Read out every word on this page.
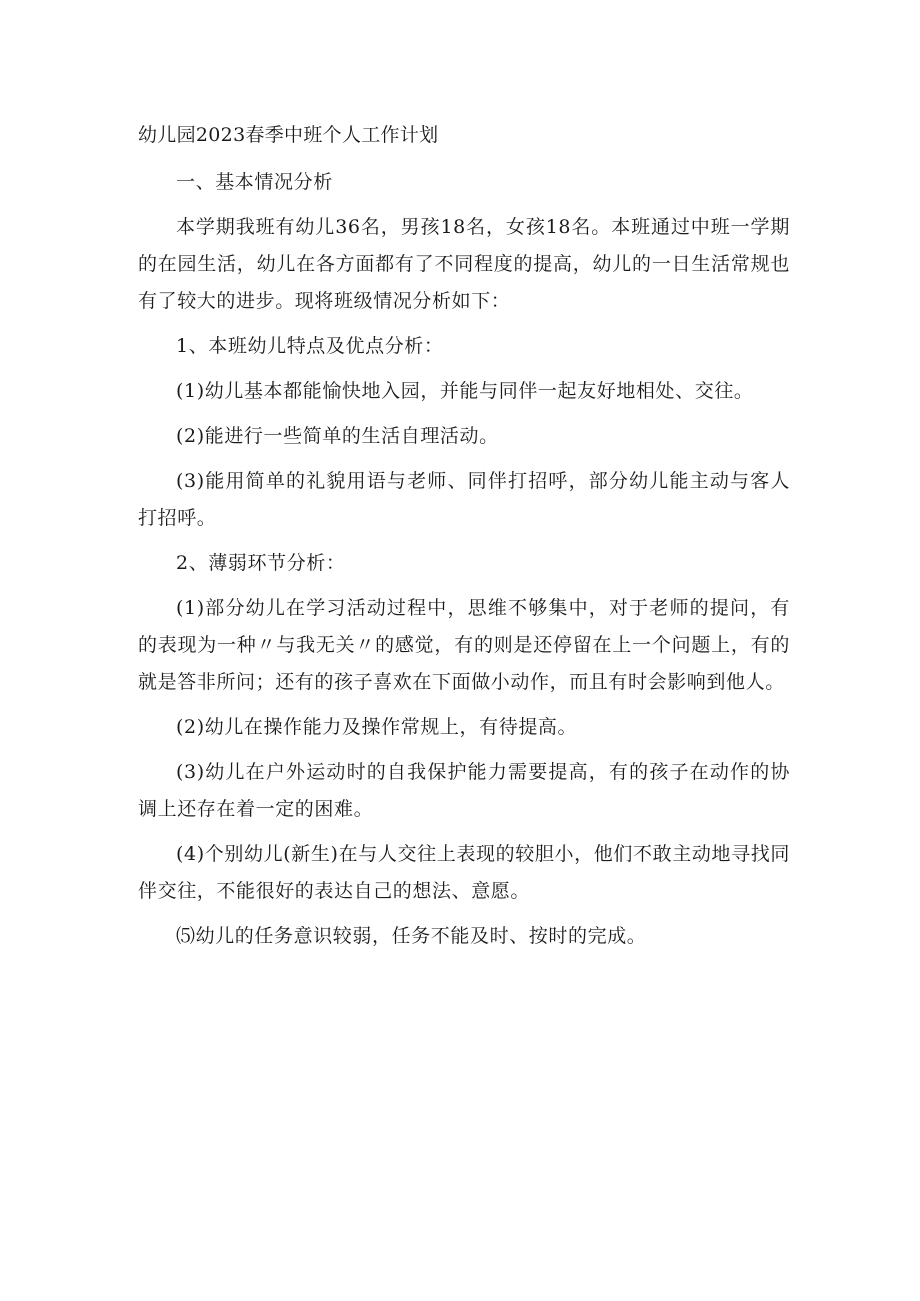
幼儿园2023春季中班个人工作计划

一、基本情况分析

本学期我班有幼儿36名，男孩18名，女孩18名。本班通过中班一学期的在园生活，幼儿在各方面都有了不同程度的提高，幼儿的一日生活常规也有了较大的进步。现将班级情况分析如下：

1、本班幼儿特点及优点分析：

(1)幼儿基本都能愉快地入园，并能与同伴一起友好地相处、交往。

(2)能进行一些简单的生活自理活动。

(3)能用简单的礼貌用语与老师、同伴打招呼，部分幼儿能主动与客人打招呼。

2、薄弱环节分析：

(1)部分幼儿在学习活动过程中，思维不够集中，对于老师的提问，有的表现为一种〃与我无关〃的感觉，有的则是还停留在上一个问题上，有的就是答非所问；还有的孩子喜欢在下面做小动作，而且有时会影响到他人。

(2)幼儿在操作能力及操作常规上，有待提高。

(3)幼儿在户外运动时的自我保护能力需要提高，有的孩子在动作的协调上还存在着一定的困难。

(4)个别幼儿(新生)在与人交往上表现的较胆小，他们不敢主动地寻找同伴交往，不能很好的表达自己的想法、意愿。

⑸幼儿的任务意识较弱，任务不能及时、按时的完成。
